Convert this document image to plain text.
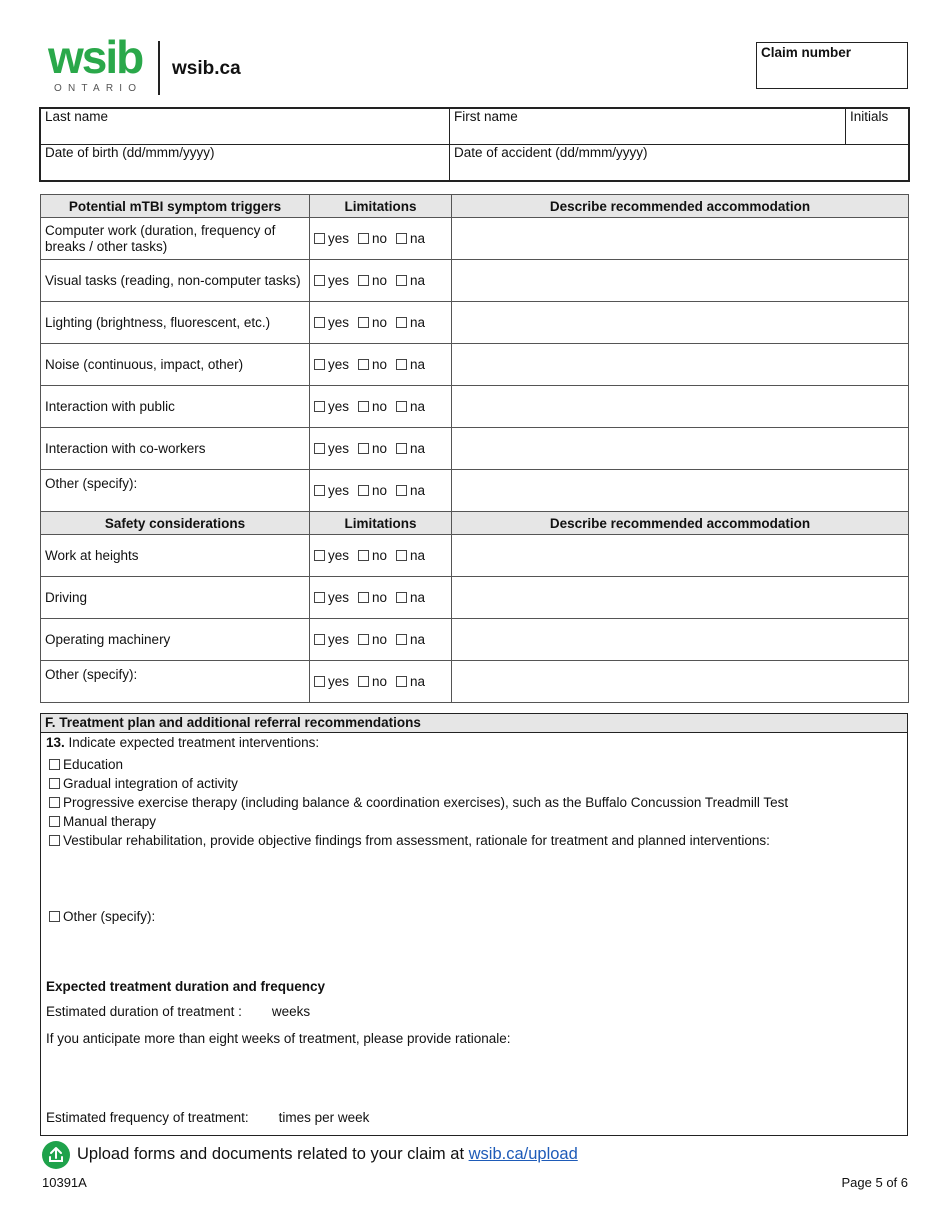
wsib
ONTARIO
wsib.ca
Claim number
Last name	First name	Initials
Date of birth (dd/mmm/yyyy)	Date of accident (dd/mmm/yyyy)	
Potential mTBI symptom triggers	Limitations	Describe recommended accommodation
Computer work (duration, frequency of breaks / other tasks)	yes no na	

Visual tasks (reading, non-computer tasks)	yes no na	

Lighting (brightness, fluorescent, etc.)	yes no na	

Noise (continuous, impact, other)	yes no na	

Interaction with public	yes no na	

Interaction with co-workers	yes no na	

Other (specify):	yes no na	

Safety considerations	Limitations	Describe recommended accommodation
Work at heights	yes no na	

Driving	yes no na	

Operating machinery	yes no na	

Other (specify):	yes no na	

F. Treatment plan and additional referral recommendations
13. Indicate expected treatment interventions:
Education
Gradual integration of activity
Progressive exercise therapy (including balance & coordination exercises), such as the Buffalo Concussion Treadmill Test
Manual therapy
Vestibular rehabilitation, provide objective findings from assessment, rationale for treatment and planned interventions:
Other (specify):
Expected treatment duration and frequency
Estimated duration of treatment : weeks
If you anticipate more than eight weeks of treatment, please provide rationale:
Estimated frequency of treatment: times per week
Upload forms and documents related to your claim at wsib.ca/upload
10391A	Page 5 of 6
